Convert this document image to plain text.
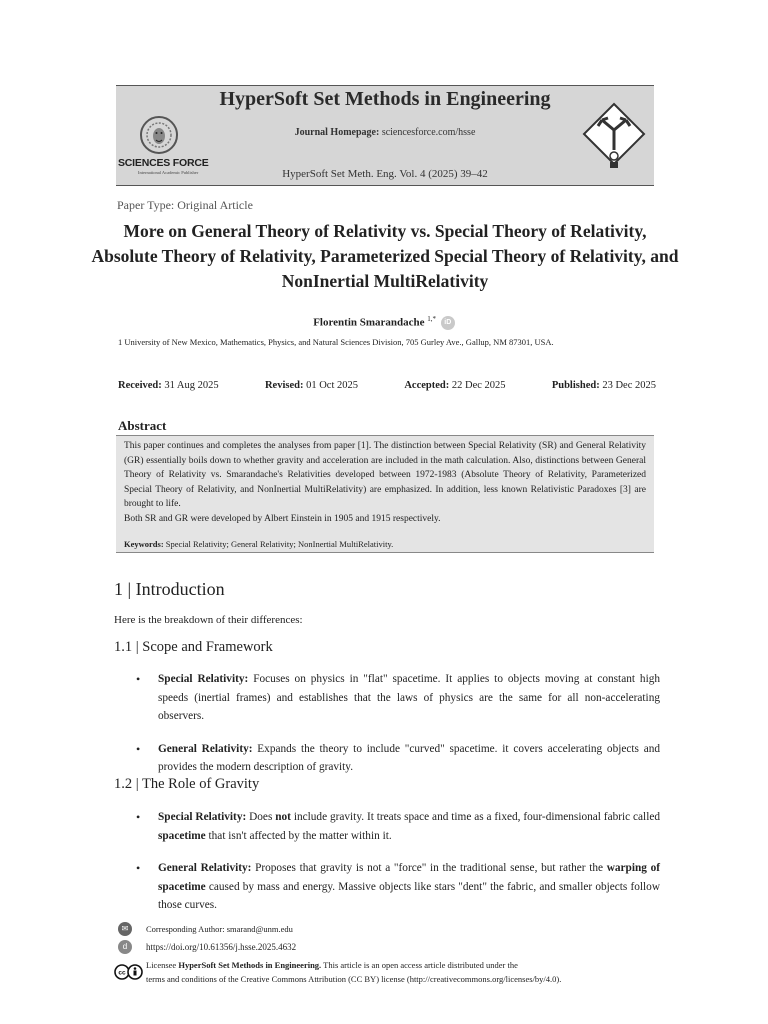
HyperSoft Set Methods in Engineering
Journal Homepage: sciencesforce.com/hsse
HyperSoft Set Meth. Eng. Vol. 4 (2025) 39–42
SCIENCES FORCE
International Academic Publisher
Paper Type: Original Article
More on General Theory of Relativity vs. Special Theory of Relativity, Absolute Theory of Relativity, Parameterized Special Theory of Relativity, and NonInertial MultiRelativity
Florentin Smarandache $^{1,*}$ iD
1 University of New Mexico, Mathematics, Physics, and Natural Sciences Division, 705 Gurley Ave., Gallup, NM 87301, USA.
Received: 31 Aug 2025	Revised: 01 Oct 2025	Accepted: 22 Dec 2025	Published: 23 Dec 2025
Abstract
This paper continues and completes the analyses from paper [1]. The distinction between Special Relativity (SR) and General Relativity (GR) essentially boils down to whether gravity and acceleration are included in the math calculation. Also, distinctions between General Theory of Relativity vs. Smarandache's Relativities developed between 1972-1983 (Absolute Theory of Relativity, Parameterized Special Theory of Relativity, and NonInertial MultiRelativity) are emphasized. In addition, less known Relativistic Paradoxes [3] are brought to life.
Both SR and GR were developed by Albert Einstein in 1905 and 1915 respectively.
Keywords: Special Relativity; General Relativity; NonInertial MultiRelativity.
1 | Introduction
Here is the breakdown of their differences:
1.1 | Scope and Framework
• Special Relativity: Focuses on physics in "flat" spacetime. It applies to objects moving at constant high speeds (inertial frames) and establishes that the laws of physics are the same for all non-accelerating observers.
• General Relativity: Expands the theory to include "curved" spacetime. it covers accelerating objects and provides the modern description of gravity.
1.2 | The Role of Gravity
• Special Relativity: Does not include gravity. It treats space and time as a fixed, four-dimensional fabric called spacetime that isn't affected by the matter within it.
• General Relativity: Proposes that gravity is not a "force" in the traditional sense, but rather the warping of spacetime caused by mass and energy. Massive objects like stars "dent" the fabric, and smaller objects follow those curves.
✉	Corresponding Author: smarand@unm.edu
d	https://doi.org/10.61356/j.hsse.2025.4632
cc
Licensee HyperSoft Set Methods in Engineering. This article is an open access article distributed under the
terms and conditions of the Creative Commons Attribution (CC BY) license (http://creativecommons.org/licenses/by/4.0).
